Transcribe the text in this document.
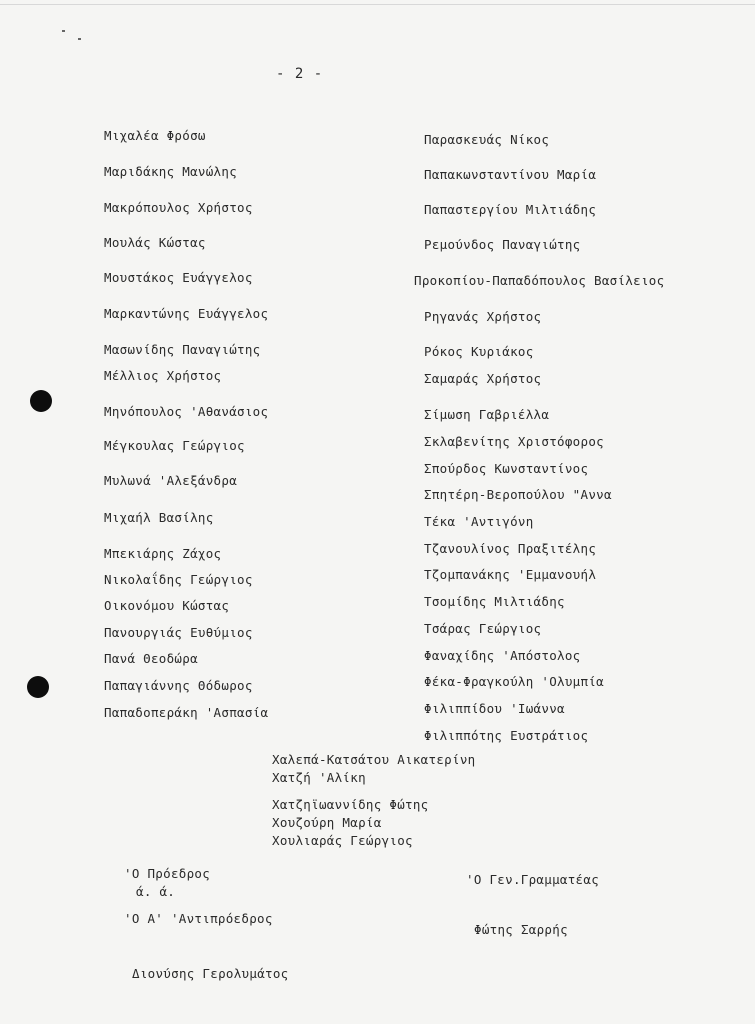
- 2 -
Μιχαλέα Φρόσω
Μαριδάκης Μανώλης
Μακρόπουλος Χρήστος
Μουλάς Κώστας
Μουστάκος Ευάγγελος
Μαρκαντώνης Ευάγγελος
Μασωνίδης Παναγιώτης
Μέλλιος Χρήστος
Μηνόπουλος 'Αθανάσιος
Μέγκουλας Γεώργιος
Μυλωνά 'Αλεξάνδρα
Μιχαήλ Βασίλης
Μπεκιάρης Ζάχος
Νικολαΐδης Γεώργιος
Οικονόμου Κώστας
Πανουργιάς Ευθύμιος
Πανά Θεοδώρα
Παπαγιάννης Θόδωρος
Παπαδοπεράκη 'Ασπασία
Παρασκευάς Νίκος
Παπακωνσταντίνου Μαρία
Παπαστεργίου Μιλτιάδης
Ρεμούνδος Παναγιώτης
Προκοπίου-Παπαδόπουλος Βασίλειος
Ρηγανάς Χρήστος
Ρόκος Κυριάκος
Σαμαράς Χρήστος
Σίμωση Γαβριέλλα
Σκλαβενίτης Χριστόφορος
Σπούρδος Κωνσταντίνος
Σπητέρη-Βεροπούλου "Αννα
Τέκα 'Αντιγόνη
Τζανουλίνος Πραξιτέλης
Τζομπανάκης 'Εμμανουήλ
Τσομίδης Μιλτιάδης
Τσάρας Γεώργιος
Φαναχίδης 'Απόστολος
Φέκα-Φραγκούλη 'Ολυμπία
Φιλιππίδου 'Ιωάννα
Φιλιππότης Ευστράτιος
Χαλεπά-Κατσάτου Αικατερίνη
Χατζή 'Αλίκη
Χατζηϊωαννίδης Φώτης
Χουζούρη Μαρία
Χουλιαράς Γεώργιος
'Ο Πρόεδρος
ά. ά.
'Ο Α' 'Αντιπρόεδρος
Διονύσης Γερολυμάτος
'Ο Γεν.Γραμματέας
Φώτης Σαρρής
